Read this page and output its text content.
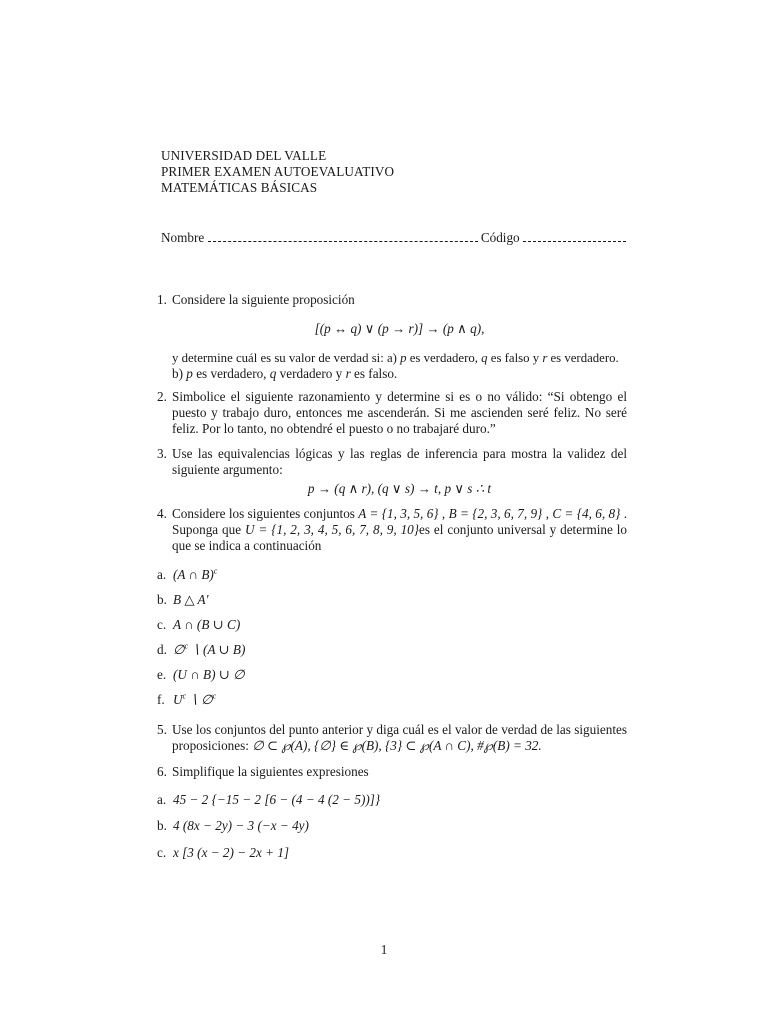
UNIVERSIDAD DEL VALLE
PRIMER EXAMEN AUTOEVALUATIVO
MATEMÁTICAS BÁSICAS
Nombre	Código
1. Considere la siguiente proposición
[(p ↔ q) ∨ (p → r)] → (p ∧ q),
y determine cuál es su valor de verdad si: a) p es verdadero, q es falso y r es verdadero.
b) p es verdadero, q verdadero y r es falso.
2. Simbolice el siguiente razonamiento y determine si es o no válido: “Si obtengo el puesto y trabajo duro, entonces me ascenderán. Si me ascienden seré feliz. No seré feliz. Por lo tanto, no obtendré el puesto o no trabajaré duro.”
3. Use las equivalencias lógicas y las reglas de inferencia para mostra la validez del siguiente argumento:
p → (q ∧ r), (q ∨ s) → t, p ∨ s ∴ t
4. Considere los siguientes conjuntos A = {1, 3, 5, 6} , B = {2, 3, 6, 7, 9} , C = {4, 6, 8} . Suponga que U = {1, 2, 3, 4, 5, 6, 7, 8, 9, 10}es el conjunto universal y determine lo que se indica a continuación
a. (A ∩ B)$^c$
b. B △ A′
c. A ∩ (B ∪ C)
d. ∅$^c$ ∖ (A ∪ B)
e. (U ∩ B) ∪ ∅
f. $U^c$ ∖ ∅$^c$
5. Use los conjuntos del punto anterior y diga cuál es el valor de verdad de las siguientes proposiciones: ∅ ⊂ ℘(A), {∅} ∈ ℘(B), {3} ⊂ ℘(A ∩ C), #℘(B) = 32.
6. Simplifique la siguientes expresiones
a. 45 − 2 {−15 − 2 [6 − (4 − 4 (2 − 5))]}
b. 4 (8x − 2y) − 3 (−x − 4y)
c. x [3 (x − 2) − 2x + 1]
1
